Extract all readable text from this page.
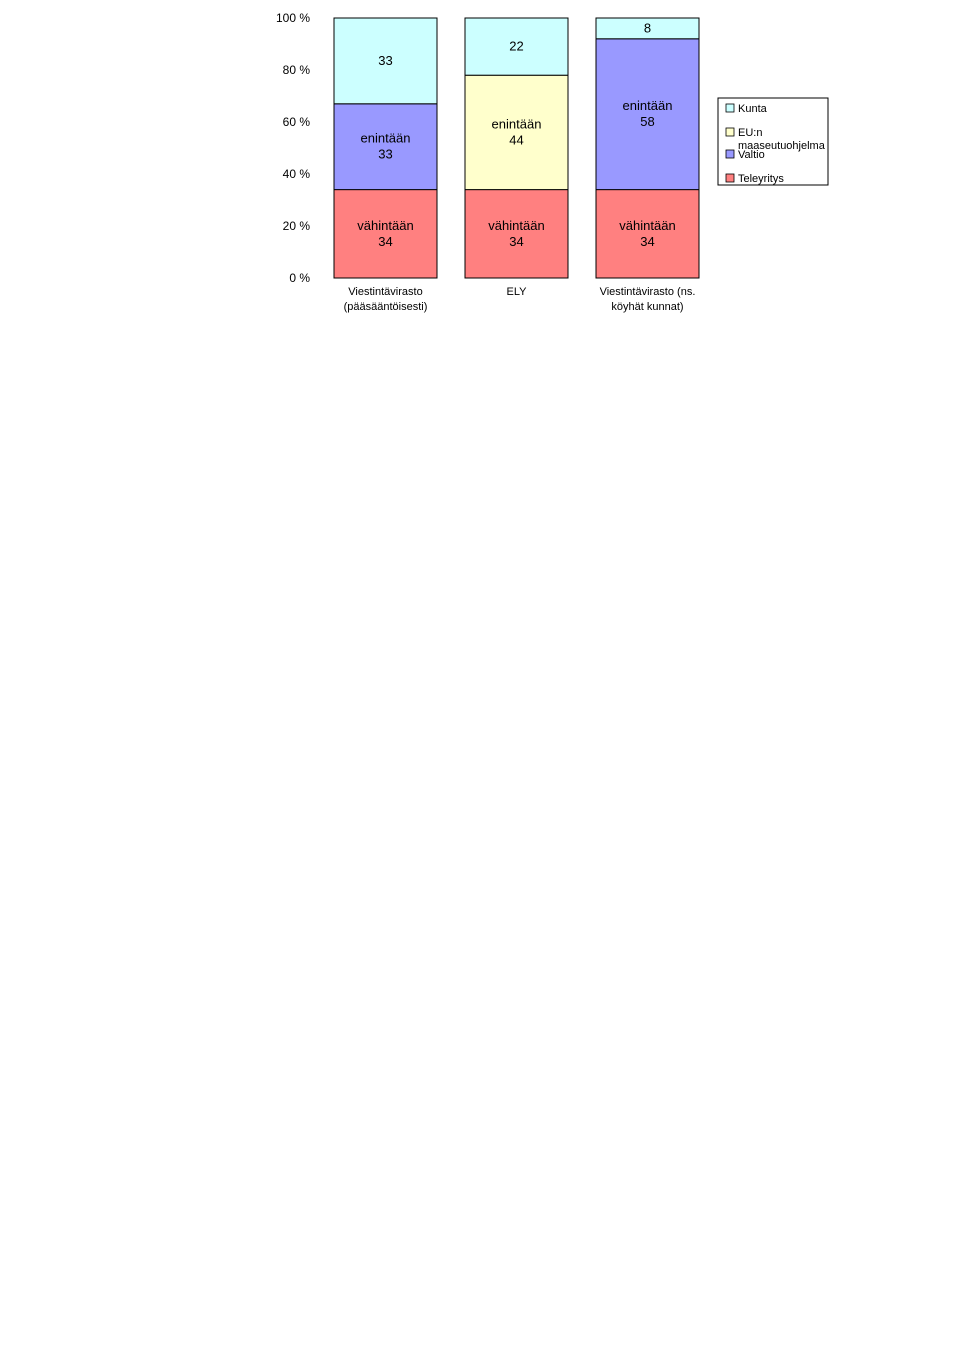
100 %
80 %
60 %
40 %
20 %
0 %
vähintään 34
enintään 33
33
vähintään 34
enintään 44
22
vähintään 34
enintään 58
8
Viestintävirasto (pääsääntöisesti)
ELY	Viestintävirasto (ns. köyhät kunnat)
Kunta
EU:n maaseutuohjelma
Valtio
Teleyritys
